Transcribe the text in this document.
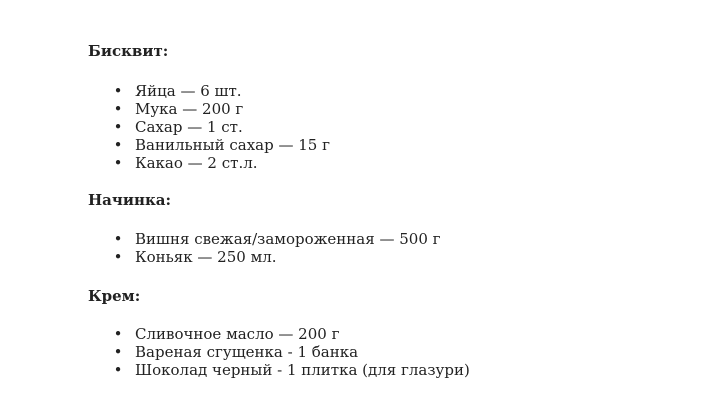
Бисквит:

• Яйца — 6 шт.
• Мука — 200 г
• Сахар — 1 ст.
• Ванильный сахар — 15 г
• Какао — 2 ст.л.

Начинка:

• Вишня свежая/замороженная — 500 г
• Коньяк — 250 мл.

Крем:

• Сливочное масло — 200 г
• Вареная сгущенка - 1 банка
• Шоколад черный - 1 плитка (для глазури)
